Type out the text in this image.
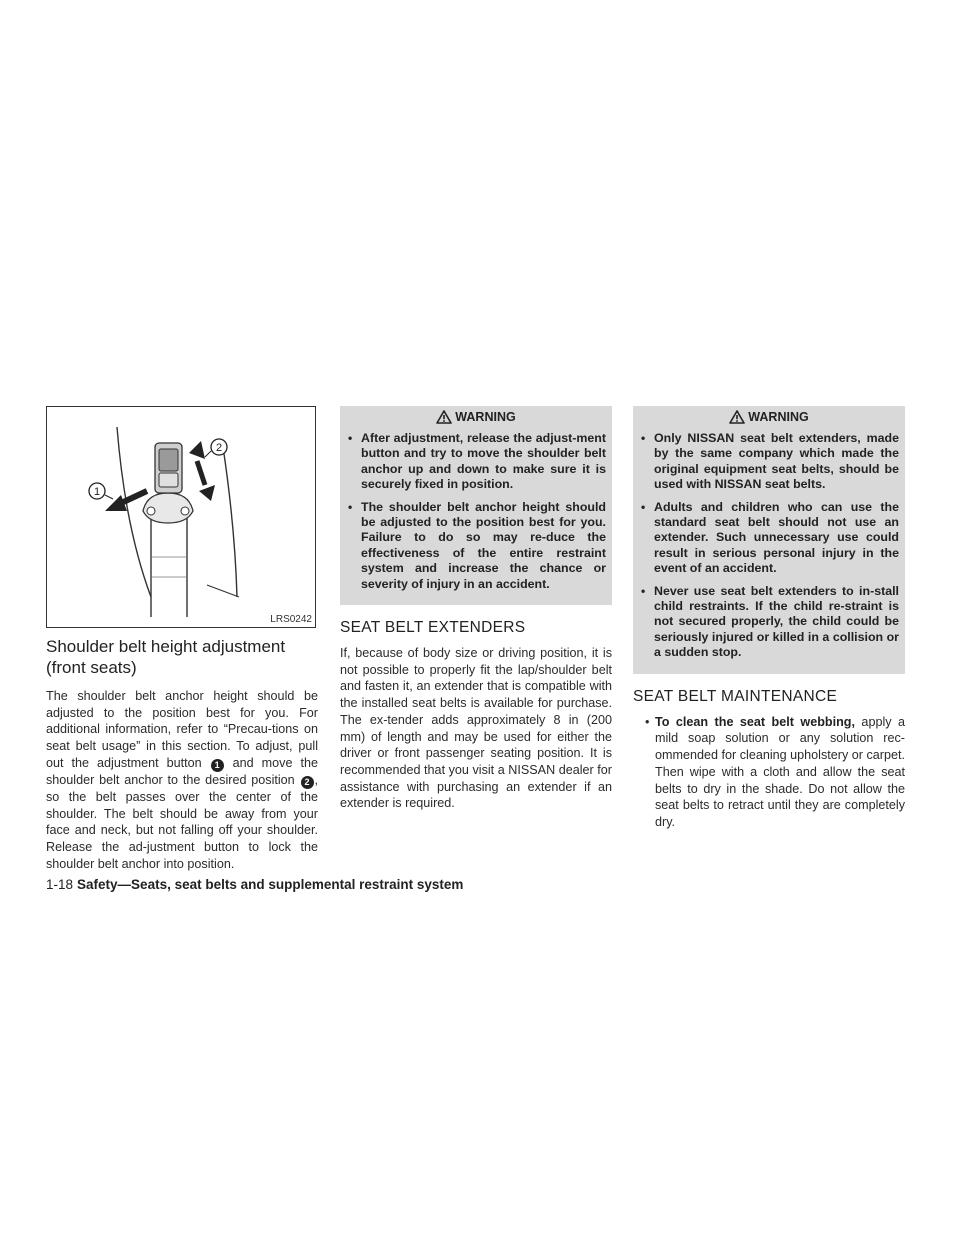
1
2
LRS0242
Shoulder belt height adjustment
(front seats)

The shoulder belt anchor height should be adjusted to the position best for you. For additional information, refer to “Precau-tions on seat belt usage” in this section. To adjust, pull out the adjustment button 1 and move the shoulder belt anchor to the desired position 2 , so the belt passes over the center of the shoulder. The belt should be away from your face and neck, but not falling off your shoulder. Release the ad-justment button to lock the shoulder belt anchor into position.

WARNING
• After adjustment, release the adjust-ment button and try to move the shoulder belt anchor up and down to make sure it is securely fixed in position.
• The shoulder belt anchor height should be adjusted to the position best for you. Failure to do so may re-duce the effectiveness of the entire restraint system and increase the chance or severity of injury in an accident.
SEAT BELT EXTENDERS

If, because of body size or driving position, it is not possible to properly fit the lap/shoulder belt and fasten it, an extender that is compatible with the installed seat belts is available for purchase. The ex-tender adds approximately 8 in (200 mm) of length and may be used for either the driver or front passenger seating position. It is recommended that you visit a NISSAN dealer for assistance with purchasing an extender if an extender is required.

WARNING
• Only NISSAN seat belt extenders, made by the same company which made the original equipment seat belts, should be used with NISSAN seat belts.
• Adults and children who can use the standard seat belt should not use an extender. Such unnecessary use could result in serious personal injury in the event of an accident.
• Never use seat belt extenders to in-stall child restraints. If the child re-straint is not secured properly, the child could be seriously injured or killed in a collision or a sudden stop.
SEAT BELT MAINTENANCE
• To clean the seat belt webbing, apply a mild soap solution or any solution rec-ommended for cleaning upholstery or carpet. Then wipe with a cloth and allow the seat belts to dry in the shade. Do not allow the seat belts to retract until they are completely dry.
1-18 Safety—Seats, seat belts and supplemental restraint system
